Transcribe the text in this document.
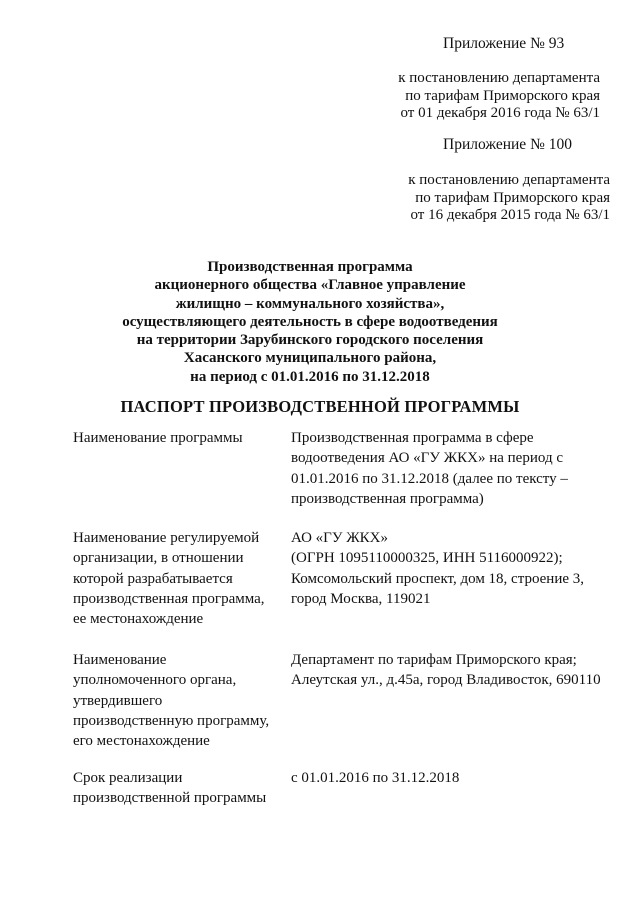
Приложение № 93
к постановлению департамента
по тарифам Приморского края
от 01 декабря 2016 года № 63/1
Приложение № 100
к постановлению департамента
по тарифам Приморского края
от 16 декабря 2015 года № 63/1
Производственная программа
акционерного общества «Главное управление
жилищно – коммунального хозяйства»,
осуществляющего деятельность в сфере водоотведения
на территории Зарубинского городского поселения
Хасанского муниципального района,
на период с 01.01.2016 по 31.12.2018
ПАСПОРТ ПРОИЗВОДСТВЕННОЙ ПРОГРАММЫ
Наименование программы	Производственная программа в сфере
водоотведения АО «ГУ ЖКХ» на период с
01.01.2016 по 31.12.2018 (далее по тексту –
производственная программа)
Наименование регулируемой
организации, в отношении
которой разрабатывается
производственная программа,
ее местонахождение
АО «ГУ ЖКХ»
(ОГРН 1095110000325, ИНН 5116000922);
Комсомольский проспект, дом 18, строение 3,
город Москва, 119021
Наименование
уполномоченного органа,
утвердившего
производственную программу,
его местонахождение
Департамент по тарифам Приморского края;
Алеутская ул., д.45а, город Владивосток, 690110
Срок реализации
производственной программы
с 01.01.2016 по 31.12.2018
